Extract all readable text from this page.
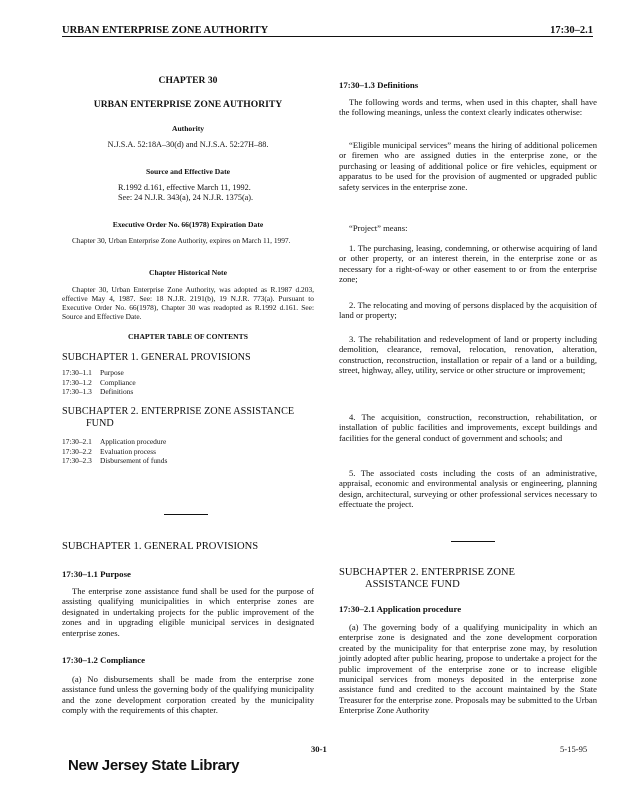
URBAN ENTERPRISE ZONE AUTHORITY	17:30–2.1
CHAPTER 30
URBAN ENTERPRISE ZONE AUTHORITY
Authority
N.J.S.A. 52:18A–30(d) and N.J.S.A. 52:27H–88.
Source and Effective Date
R.1992 d.161, effective March 11, 1992.
See: 24 N.J.R. 343(a), 24 N.J.R. 1375(a).
Executive Order No. 66(1978) Expiration Date

Chapter 30, Urban Enterprise Zone Authority, expires on March 11, 1997.

Chapter Historical Note

Chapter 30, Urban Enterprise Zone Authority, was adopted as R.1987 d.203, effective May 4, 1987. See: 18 N.J.R. 2191(b), 19 N.J.R. 773(a). Pursuant to Executive Order No. 66(1978), Chapter 30 was readopted as R.1992 d.161. See: Source and Effective Date.

CHAPTER TABLE OF CONTENTS
SUBCHAPTER 1. GENERAL PROVISIONS
17:30–1.1	Purpose
17:30–1.2	Compliance
17:30–1.3	Definitions
SUBCHAPTER 2. ENTERPRISE ZONE ASSISTANCE
FUND
17:30–2.1	Application procedure
17:30–2.2	Evaluation process
17:30–2.3	Disbursement of funds
SUBCHAPTER 1. GENERAL PROVISIONS
17:30–1.1 Purpose

The enterprise zone assistance fund shall be used for the purpose of assisting qualifying municipalities in which enterprise zones are designated in undertaking projects for the public improvement of the zones and in upgrading eligible municipal services in designated enterprise zones.

17:30–1.2 Compliance

(a) No disbursements shall be made from the enterprise zone assistance fund unless the governing body of the qualifying municipality and the zone development corporation created by the municipality comply with the requirements of this chapter.

17:30–1.3 Definitions

The following words and terms, when used in this chapter, shall have the following meanings, unless the context clearly indicates otherwise:

“Eligible municipal services” means the hiring of additional policemen or firemen who are assigned duties in the enterprise zone, or the purchasing or leasing of additional police or fire vehicles, equipment or apparatus to be used for the provision of augmented or upgraded public safety services in the enterprise zone.

“Project” means:

1. The purchasing, leasing, condemning, or otherwise acquiring of land or other property, or an interest therein, in the enterprise zone or as necessary for a right-of-way or other easement to or from the enterprise zone;

2. The relocating and moving of persons displaced by the acquisition of land or property;

3. The rehabilitation and redevelopment of land or property including demolition, clearance, removal, relocation, renovation, alteration, construction, reconstruction, installation or repair of a land or a building, street, highway, alley, utility, service or other structure or improvement;

4. The acquisition, construction, reconstruction, rehabilitation, or installation of public facilities and improvements, except buildings and facilities for the general conduct of government and schools; and

5. The associated costs including the costs of an administrative, appraisal, economic and environmental analysis or engineering, planning design, architectural, surveying or other professional services necessary to effectuate the project.

SUBCHAPTER 2. ENTERPRISE ZONE
ASSISTANCE FUND
17:30–2.1 Application procedure

(a) The governing body of a qualifying municipality in which an enterprise zone is designated and the zone development corporation created by the municipality for that enterprise zone may, by resolution jointly adopted after public hearing, propose to undertake a project for the public improvement of the enterprise zone or to increase eligible municipal services from moneys deposited in the enterprise zone assistance fund and credited to the account maintained by the State Treasurer for the enterprise zone. Proposals may be submitted to the Urban Enterprise Zone Authority

30-1	5-15-95
New Jersey State Library
